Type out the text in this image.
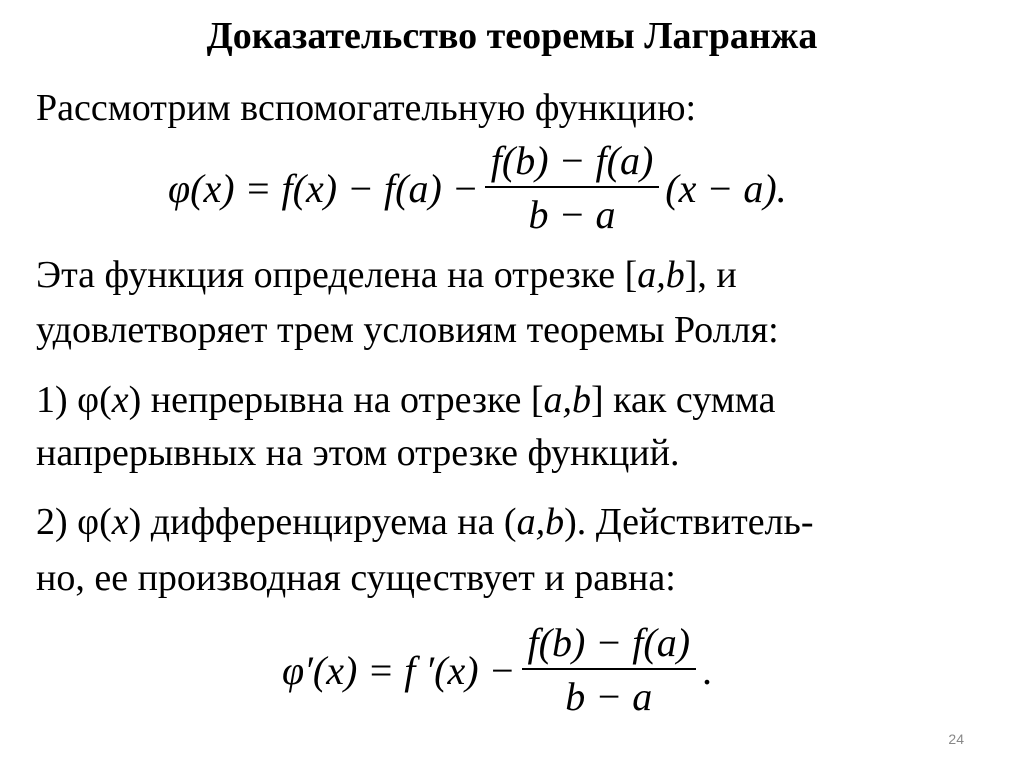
Доказательство теоремы Лагранжа
Рассмотрим вспомогательную функцию:
$\varphi(x) = f(x) - f(a) - \frac{f(b) - f(a)}{b - a} (x - a)$.
Эта функция определена на отрезке [a,b], и
удовлетворяет трем условиям теоремы Ролля:
1) φ(x) непрерывна на отрезке [a,b] как сумма
напрерывных на этом отрезке функций.
2) φ(x) дифференцируема на (a,b). Действитель-
но, ее производная существует и равна:
φ′(x) = f $'(x) - \frac{f(b) - f(a)}{b - a}$ .
24
